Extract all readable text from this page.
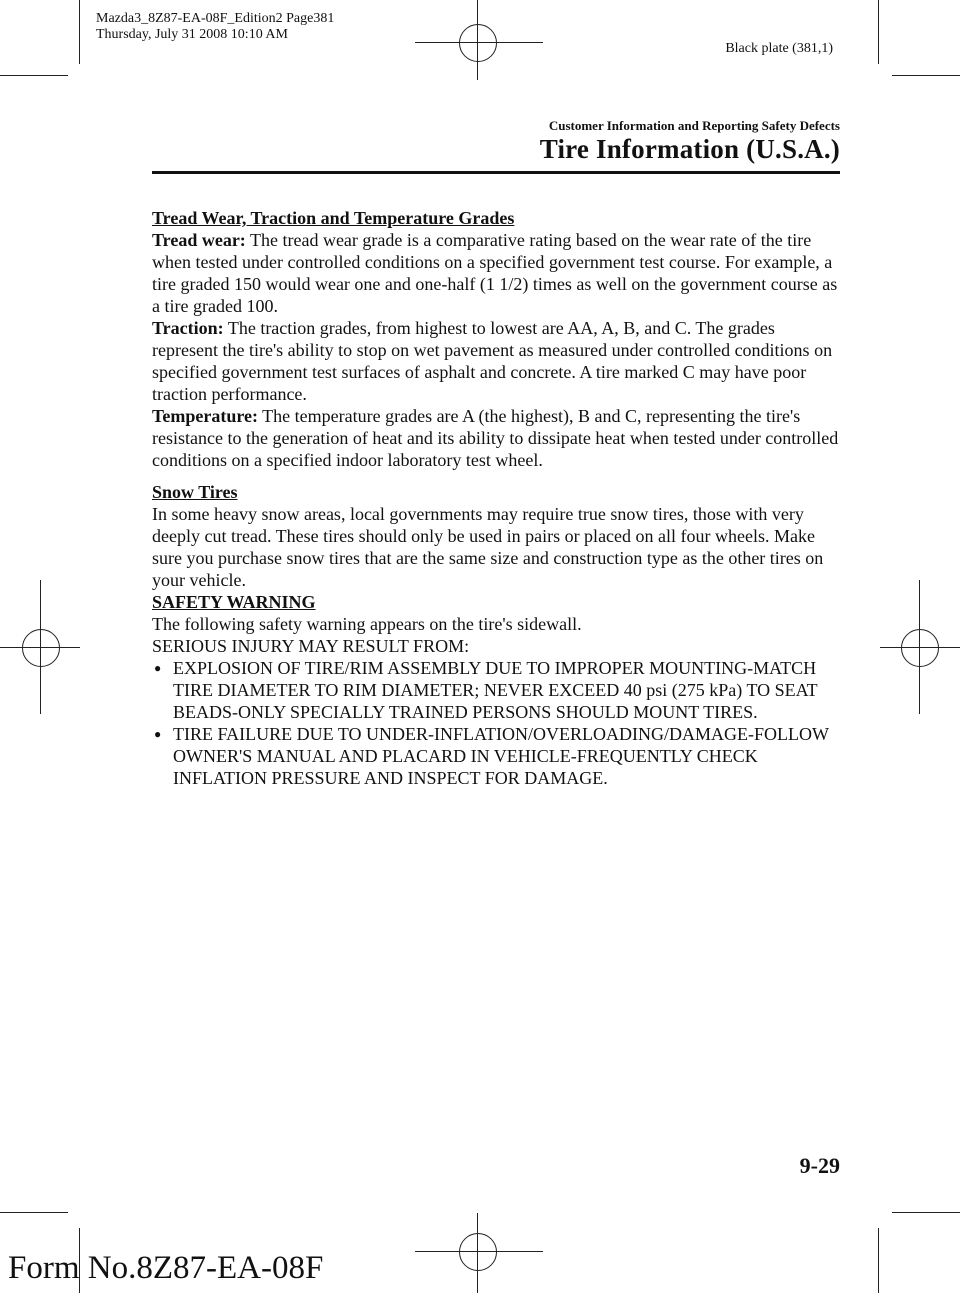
Mazda3_8Z87-EA-08F_Edition2 Page381
Thursday, July 31 2008 10:10 AM
Black plate (381,1)
Customer Information and Reporting Safety Defects
Tire Information (U.S.A.)

Tread Wear, Traction and Temperature Grades

Tread wear: The tread wear grade is a comparative rating based on the wear rate of the tire when tested under controlled conditions on a specified government test course. For example, a tire graded 150 would wear one and one-half (1 1/2) times as well on the government course as a tire graded 100.

Traction: The traction grades, from highest to lowest are AA, A, B, and C. The grades represent the tire's ability to stop on wet pavement as measured under controlled conditions on specified government test surfaces of asphalt and concrete. A tire marked C may have poor traction performance.

Temperature: The temperature grades are A (the highest), B and C, representing the tire's resistance to the generation of heat and its ability to dissipate heat when tested under controlled conditions on a specified indoor laboratory test wheel.

Snow Tires

In some heavy snow areas, local governments may require true snow tires, those with very deeply cut tread. These tires should only be used in pairs or placed on all four wheels. Make sure you purchase snow tires that are the same size and construction type as the other tires on your vehicle.

SAFETY WARNING

The following safety warning appears on the tire's sidewall.

SERIOUS INJURY MAY RESULT FROM:

● EXPLOSION OF TIRE/RIM ASSEMBLY DUE TO IMPROPER MOUNTING-MATCH TIRE DIAMETER TO RIM DIAMETER; NEVER EXCEED 40 psi (275 kPa) TO SEAT BEADS-ONLY SPECIALLY TRAINED PERSONS SHOULD MOUNT TIRES.
● TIRE FAILURE DUE TO UNDER-INFLATION/OVERLOADING/DAMAGE-FOLLOW OWNER'S MANUAL AND PLACARD IN VEHICLE-FREQUENTLY CHECK INFLATION PRESSURE AND INSPECT FOR DAMAGE.
9-29
Form No.8Z87-EA-08F
